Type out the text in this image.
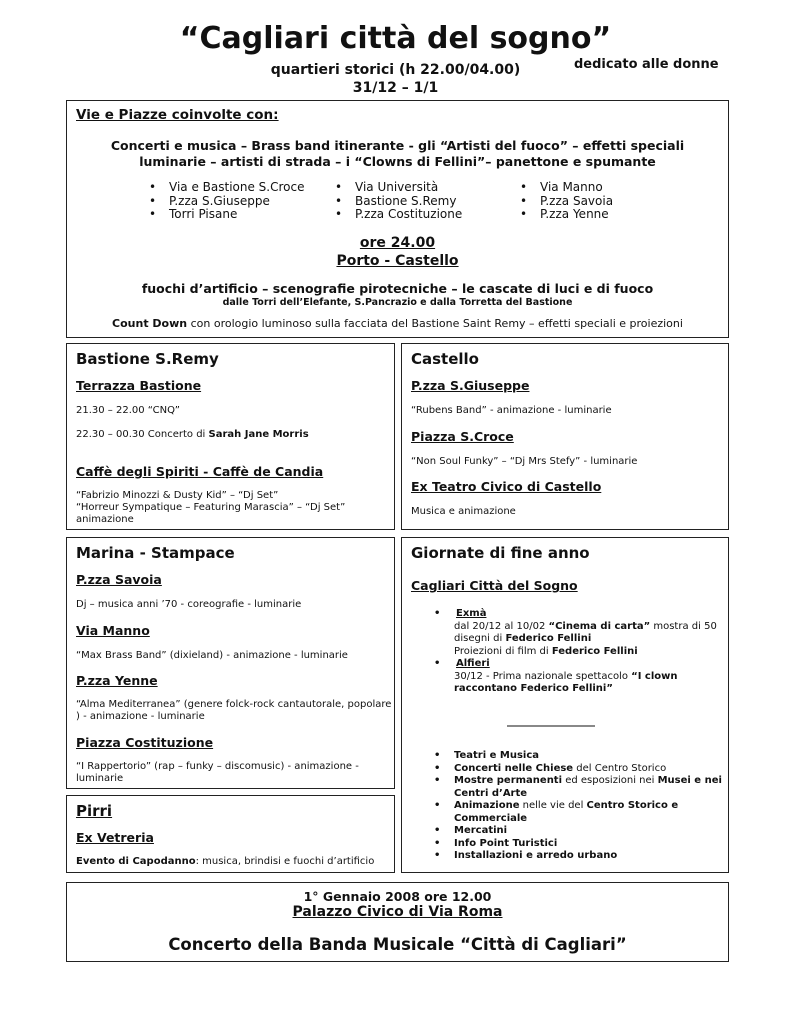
“Cagliari città del sogno”
quartieri storici (h 22.00/04.00)	dedicato alle donne
31/12 – 1/1
Vie e Piazze coinvolte con:
Concerti e musica – Brass band itinerante - gli “Artisti del fuoco” – effetti speciali
luminarie – artisti di strada – i “Clowns di Fellini”– panettone e spumante
• Via e Bastione S.Croce
• P.zza S.Giuseppe
• Torri Pisane
• Via Università
• Bastione S.Remy
• P.zza Costituzione
• Via Manno
• P.zza Savoia
• P.zza Yenne
ore 24.00
Porto - Castello
fuochi d’artificio – scenografie pirotecniche – le cascate di luci e di fuoco
dalle Torri dell’Elefante, S.Pancrazio e dalla Torretta del Bastione
Count Down con orologio luminoso sulla facciata del Bastione Saint Remy – effetti speciali e proiezioni
Bastione S.Remy
Terrazza Bastione
21.30 – 22.00 “CNQ”
22.30 – 00.30 Concerto di Sarah Jane Morris
Caffè degli Spiriti - Caffè de Candia
“Fabrizio Minozzi & Dusty Kid” – “Dj Set”
“Horreur Sympatique – Featuring Marascia” – “Dj Set”
animazione
Castello
P.zza S.Giuseppe
“Rubens Band” - animazione - luminarie
Piazza S.Croce
“Non Soul Funky” – “Dj Mrs Stefy” - luminarie
Ex Teatro Civico di Castello
Musica e animazione
Marina - Stampace
P.zza Savoia
Dj – musica anni ’70 - coreografie - luminarie
Via Manno
“Max Brass Band” (dixieland) - animazione - luminarie
P.zza Yenne
“Alma Mediterranea” (genere folck-rock cantautorale, popolare
) - animazione - luminarie
Piazza Costituzione
“I Rappertorio” (rap – funky – discomusic) - animazione -
luminarie
Pirri
Ex Vetreria
Evento di Capodanno: musica, brindisi e fuochi d’artificio
Giornate di fine anno
Cagliari Città del Sogno
• Exmà
dal 20/12 al 10/02 “Cinema di carta” mostra di 50
disegni di Federico Fellini
Proiezioni di film di Federico Fellini
• Alfieri
30/12 - Prima nazionale spettacolo “I clown
raccontano Federico Fellini”
________________
• Teatri e Musica
• Concerti nelle Chiese del Centro Storico
• Mostre permanenti ed esposizioni nei Musei e nei
Centri d’Arte
• Animazione nelle vie del Centro Storico e
Commerciale
• Mercatini
• Info Point Turistici
• Installazioni e arredo urbano
1° Gennaio 2008 ore 12.00
Palazzo Civico di Via Roma
Concerto della Banda Musicale “Città di Cagliari”
